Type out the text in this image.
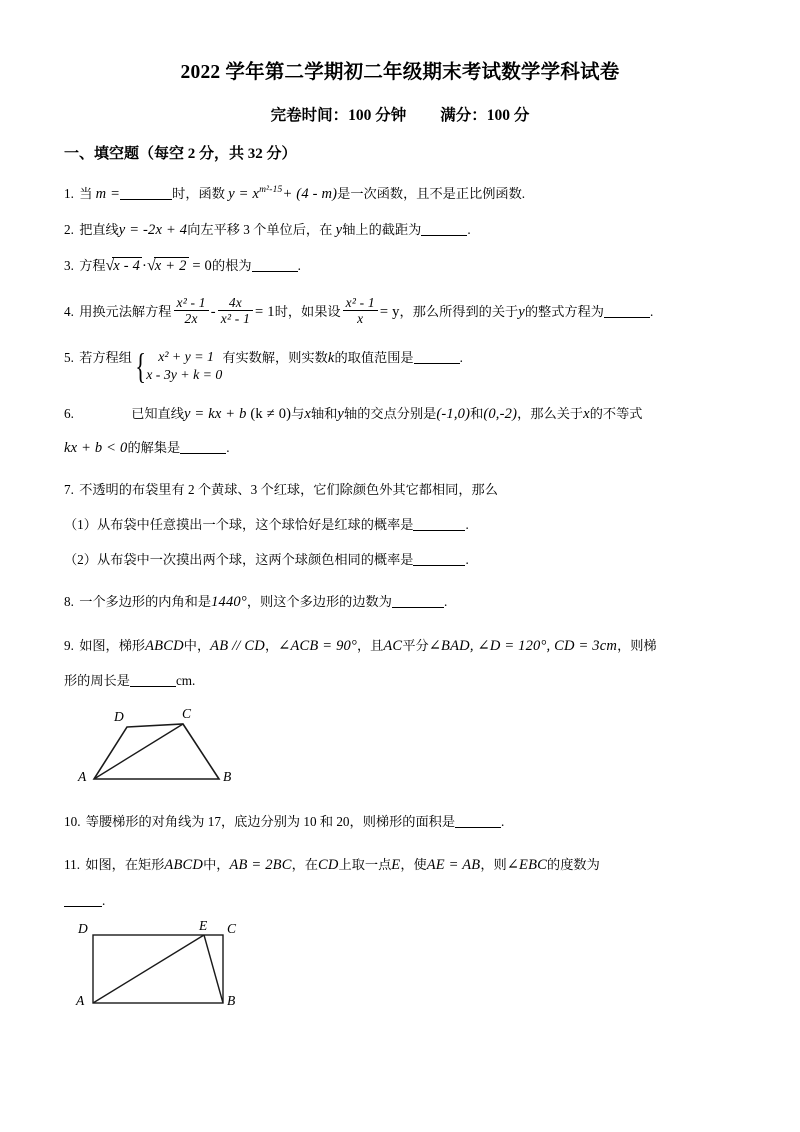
2022 学年第二学期初二年级期末考试数学学科试卷
完卷时间：100 分钟 满分：100 分
一、填空题（每空 2 分，共 32 分）
1. 当 m =	时，函数 $y = x^{m^2-15}+ (4 - m)$是一次函数，且不是正比例函数.
2. 把直线y = -2x + 4向左平移 3 个单位后，在 y轴上的截距为	.
3. 方程√x - 4 ·√x + 2 = 0的根为	.
4. 用换元法解方程 $\frac{\text{x² - 1}}{2x} - \frac{4x}{\text{x² - 1}} = 1$时，如果设 $\frac{\text{x² - 1}}{x} = y$，那么所得到的关于y的整式方程为	.
5. 若方程组{ x² + y = 1
x - 3y + k = 0
有实数解，则实数k的取值范围是	.
6.	已知直线y = kx + b (k ≠ 0)与x轴和y轴的交点分别是(-1,0)和(0,-2)，那么关于x的不等式
kx + b < 0的解集是	.
7. 不透明的布袋里有 2 个黄球、3 个红球，它们除颜色外其它都相同，那么
（1）从布袋中任意摸出一个球，这个球恰好是红球的概率是	.
（2）从布袋中一次摸出两个球，这两个球颜色相同的概率是	.
8. 一个多边形的内角和是1440°，则这个多边形的边数为	.
9. 如图，梯形ABCD中，AB // CD，∠ACB = 90°，且AC平分∠BAD, ∠D = 120°, CD = 3cm，则梯
形的周长是	cm.
A	B
C
D
10. 等腰梯形的对角线为 17，底边分别为 10 和 20，则梯形的面积是	.
11. 如图，在矩形ABCD中，AB = 2BC，在CD上取一点E，使AE = AB，则∠EBC的度数为
.
A	B
C
D	E
